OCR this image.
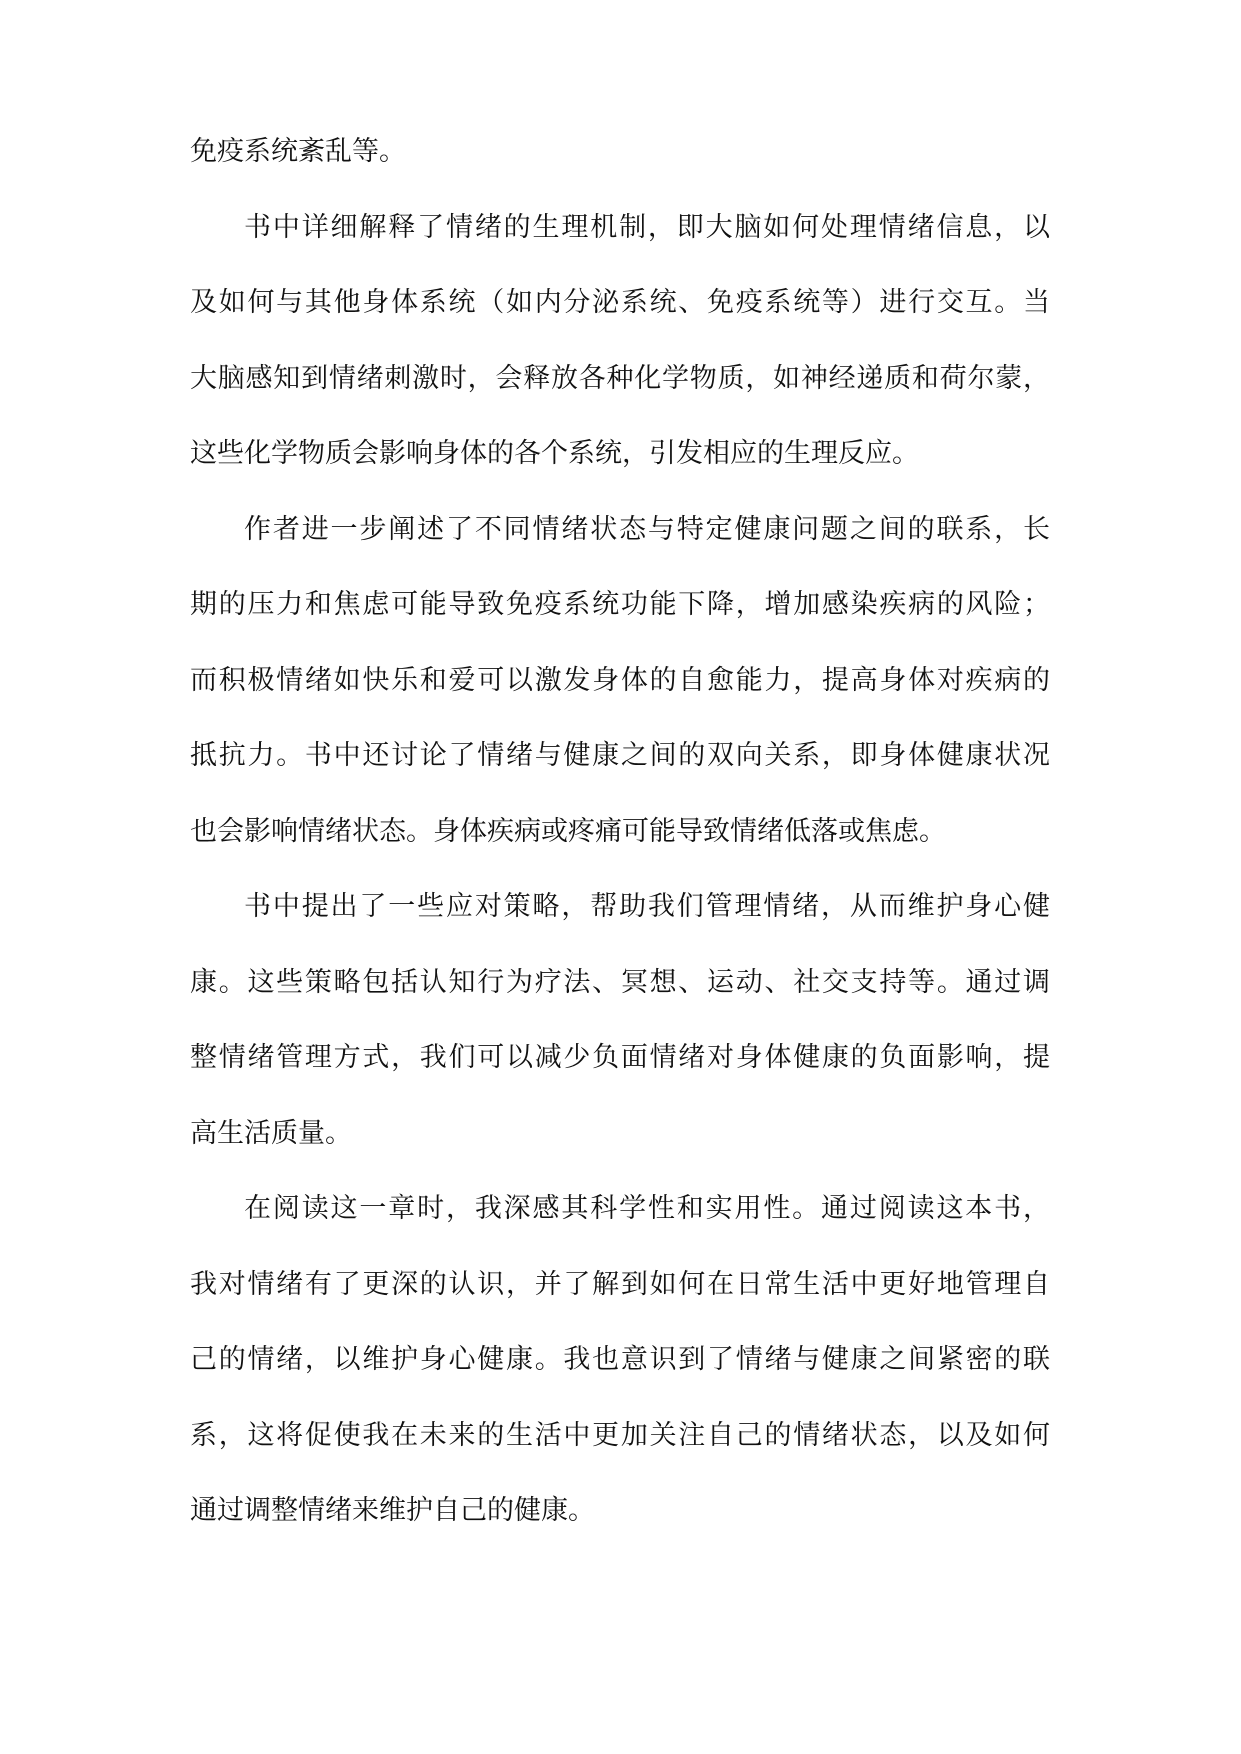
免疫系统紊乱等。
书中详细解释了情绪的生理机制，即大脑如何处理情绪信息，以
及如何与其他身体系统（如内分泌系统、免疫系统等）进行交互。当
大脑感知到情绪刺激时，会释放各种化学物质，如神经递质和荷尔蒙，
这些化学物质会影响身体的各个系统，引发相应的生理反应。
作者进一步阐述了不同情绪状态与特定健康问题之间的联系，长
期的压力和焦虑可能导致免疫系统功能下降，增加感染疾病的风险；
而积极情绪如快乐和爱可以激发身体的自愈能力，提高身体对疾病的
抵抗力。书中还讨论了情绪与健康之间的双向关系，即身体健康状况
也会影响情绪状态。身体疾病或疼痛可能导致情绪低落或焦虑。
书中提出了一些应对策略，帮助我们管理情绪，从而维护身心健
康。这些策略包括认知行为疗法、冥想、运动、社交支持等。通过调
整情绪管理方式，我们可以减少负面情绪对身体健康的负面影响，提
高生活质量。
在阅读这一章时，我深感其科学性和实用性。通过阅读这本书，
我对情绪有了更深的认识，并了解到如何在日常生活中更好地管理自
己的情绪，以维护身心健康。我也意识到了情绪与健康之间紧密的联
系，这将促使我在未来的生活中更加关注自己的情绪状态，以及如何
通过调整情绪来维护自己的健康。
